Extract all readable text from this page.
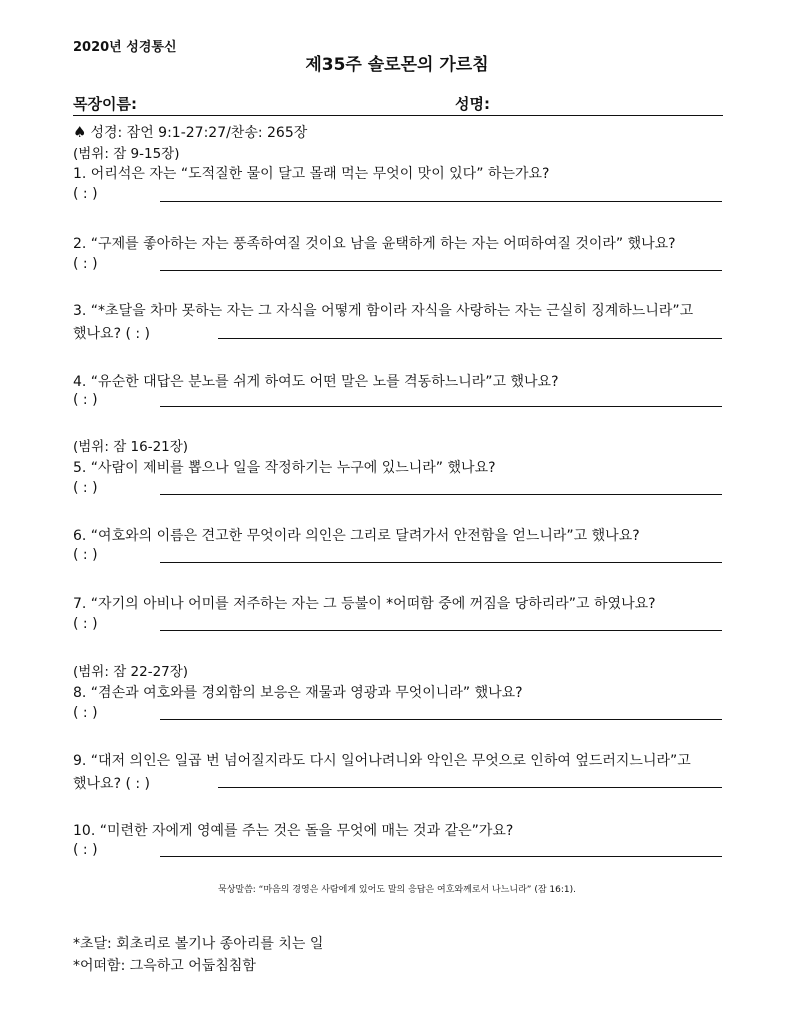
2020년 성경통신
제35주 솔로몬의 가르침
목장이름:	성명:
♠ 성경: 잠언 9:1-27:27/찬송: 265장
(범위: 잠 9-15장)
1. 어리석은 자는 “도적질한 물이 달고 몰래 먹는 무엇이 맛이 있다” 하는가요?
( : )
2. “구제를 좋아하는 자는 풍족하여질 것이요 남을 윤택하게 하는 자는 어떠하여질 것이라” 했나요?
( : )
3. “*초달을 차마 못하는 자는 그 자식을 어떻게 함이라 자식을 사랑하는 자는 근실히 징계하느니라”고
했나요? ( : )
4. “유순한 대답은 분노를 쉬게 하여도 어떤 말은 노를 격동하느니라”고 했나요?
( : )
(범위: 잠 16-21장)
5. “사람이 제비를 뽑으나 일을 작정하기는 누구에 있느니라” 했나요?
( : )
6. “여호와의 이름은 견고한 무엇이라 의인은 그리로 달려가서 안전함을 얻느니라”고 했나요?
( : )
7. “자기의 아비나 어미를 저주하는 자는 그 등불이 *어떠함 중에 꺼짐을 당하리라”고 하였나요?
( : )
(범위: 잠 22-27장)
8. “겸손과 여호와를 경외함의 보응은 재물과 영광과 무엇이니라” 했나요?
( : )
9. “대저 의인은 일곱 번 넘어질지라도 다시 일어나려니와 악인은 무엇으로 인하여 엎드러지느니라”고
했나요? ( : )
10. “미련한 자에게 영예를 주는 것은 돌을 무엇에 매는 것과 같은”가요?
( : )
묵상말씀: “마음의 경영은 사람에게 있어도 말의 응답은 여호와께로서 나느니라” (잠 16:1).
*초달: 회초리로 볼기나 종아리를 치는 일
*어떠함: 그윽하고 어둡침침함
